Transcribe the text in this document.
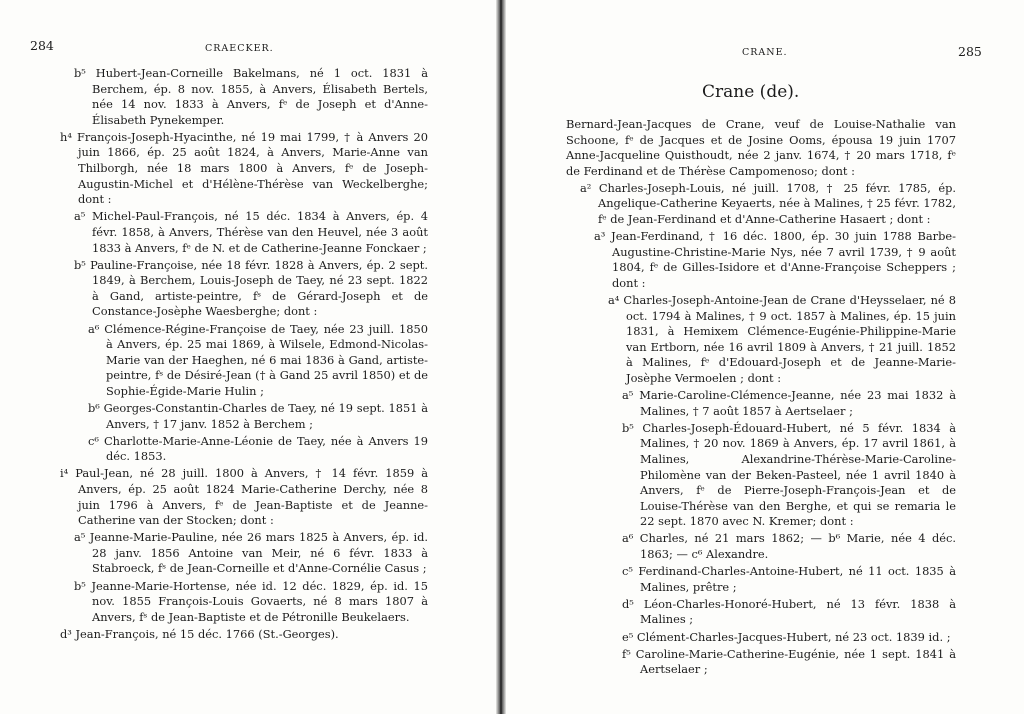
284	CRAECKER.

b⁵ Hubert-Jean-Corneille Bakelmans, né 1 oct. 1831 à Berchem, ép. 8 nov. 1855, à Anvers, Élisabeth Bertels, née 14 nov. 1833 à Anvers, fᵉ de Joseph et d'Anne-Élisabeth Pynekemper.

h⁴ François-Joseph-Hyacinthe, né 19 mai 1799, † à Anvers 20 juin 1866, ép. 25 août 1824, à Anvers, Marie-Anne van Thilborgh, née 18 mars 1800 à Anvers, fᵉ de Joseph-Augustin-Michel et d'Hélène-Thérèse van Weckelberghe; dont :

a⁵ Michel-Paul-François, né 15 déc. 1834 à Anvers, ép. 4 févr. 1858, à Anvers, Thérèse van den Heuvel, née 3 août 1833 à Anvers, fᵉ de N. et de Catherine-Jeanne Fonckaer ;

b⁵ Pauline-Françoise, née 18 févr. 1828 à Anvers, ép. 2 sept. 1849, à Berchem, Louis-Joseph de Taey, né 23 sept. 1822 à Gand, artiste-peintre, fˢ de Gérard-Joseph et de Constance-Josèphe Waesberghe; dont :

a⁶ Clémence-Régine-Françoise de Taey, née 23 juill. 1850 à Anvers, ép. 25 mai 1869, à Wilsele, Edmond-Nicolas-Marie van der Haeghen, né 6 mai 1836 à Gand, artiste-peintre, fˢ de Désiré-Jean († à Gand 25 avril 1850) et de Sophie-Égide-Marie Hulin ;

b⁶ Georges-Constantin-Charles de Taey, né 19 sept. 1851 à Anvers, † 17 janv. 1852 à Berchem ;

c⁶ Charlotte-Marie-Anne-Léonie de Taey, née à Anvers 19 déc. 1853.

i⁴ Paul-Jean, né 28 juill. 1800 à Anvers, † 14 févr. 1859 à Anvers, ép. 25 août 1824 Marie-Catherine Derchy, née 8 juin 1796 à Anvers, fᵉ de Jean-Baptiste et de Jeanne-Catherine van der Stocken; dont :

a⁵ Jeanne-Marie-Pauline, née 26 mars 1825 à Anvers, ép. id. 28 janv. 1856 Antoine van Meir, né 6 févr. 1833 à Stabroeck, fˢ de Jean-Corneille et d'Anne-Cornélie Casus ;

b⁵ Jeanne-Marie-Hortense, née id. 12 déc. 1829, ép. id. 15 nov. 1855 François-Louis Govaerts, né 8 mars 1807 à Anvers, fˢ de Jean-Baptiste et de Pétronille Beukelaers.

d³ Jean-François, né 15 déc. 1766 (St.-Georges).

CRANE.	285
Crane (de).

Bernard-Jean-Jacques de Crane, veuf de Louise-Nathalie van Schoone, fᵉ de Jacques et de Josine Ooms, épousa 19 juin 1707 Anne-Jacqueline Quisthoudt, née 2 janv. 1674, † 20 mars 1718, fᵉ de Ferdinand et de Thérèse Campomenoso; dont :

a² Charles-Joseph-Louis, né juill. 1708, † 25 févr. 1785, ép. Angelique-Catherine Keyaerts, née à Malines, † 25 févr. 1782, fᵉ de Jean-Ferdinand et d'Anne-Catherine Hasaert ; dont :

a³ Jean-Ferdinand, † 16 déc. 1800, ép. 30 juin 1788 Barbe-Augustine-Christine-Marie Nys, née 7 avril 1739, † 9 août 1804, fᵉ de Gilles-Isidore et d'Anne-Françoise Scheppers ; dont :

a⁴ Charles-Joseph-Antoine-Jean de Crane d'Heysselaer, né 8 oct. 1794 à Malines, † 9 oct. 1857 à Malines, ép. 15 juin 1831, à Hemixem Clémence-Eugénie-Philippine-Marie van Ertborn, née 16 avril 1809 à Anvers, † 21 juill. 1852 à Malines, fᵉ d'Edouard-Joseph et de Jeanne-Marie-Josèphe Vermoelen ; dont :

a⁵ Marie-Caroline-Clémence-Jeanne, née 23 mai 1832 à Malines, † 7 août 1857 à Aertselaer ;

b⁵ Charles-Joseph-Édouard-Hubert, né 5 févr. 1834 à Malines, † 20 nov. 1869 à Anvers, ép. 17 avril 1861, à Malines, Alexandrine-Thérèse-Marie-Caroline-Philomène van der Beken-Pasteel, née 1 avril 1840 à Anvers, fᵉ de Pierre-Joseph-François-Jean et de Louise-Thérèse van den Berghe, et qui se remaria le 22 sept. 1870 avec N. Kremer; dont :

a⁶ Charles, né 21 mars 1862; — b⁶ Marie, née 4 déc. 1863; — c⁶ Alexandre.

c⁵ Ferdinand-Charles-Antoine-Hubert, né 11 oct. 1835 à Malines, prêtre ;

d⁵ Léon-Charles-Honoré-Hubert, né 13 févr. 1838 à Malines ;

e⁵ Clément-Charles-Jacques-Hubert, né 23 oct. 1839 id. ;

f⁵ Caroline-Marie-Catherine-Eugénie, née 1 sept. 1841 à Aertselaer ;
